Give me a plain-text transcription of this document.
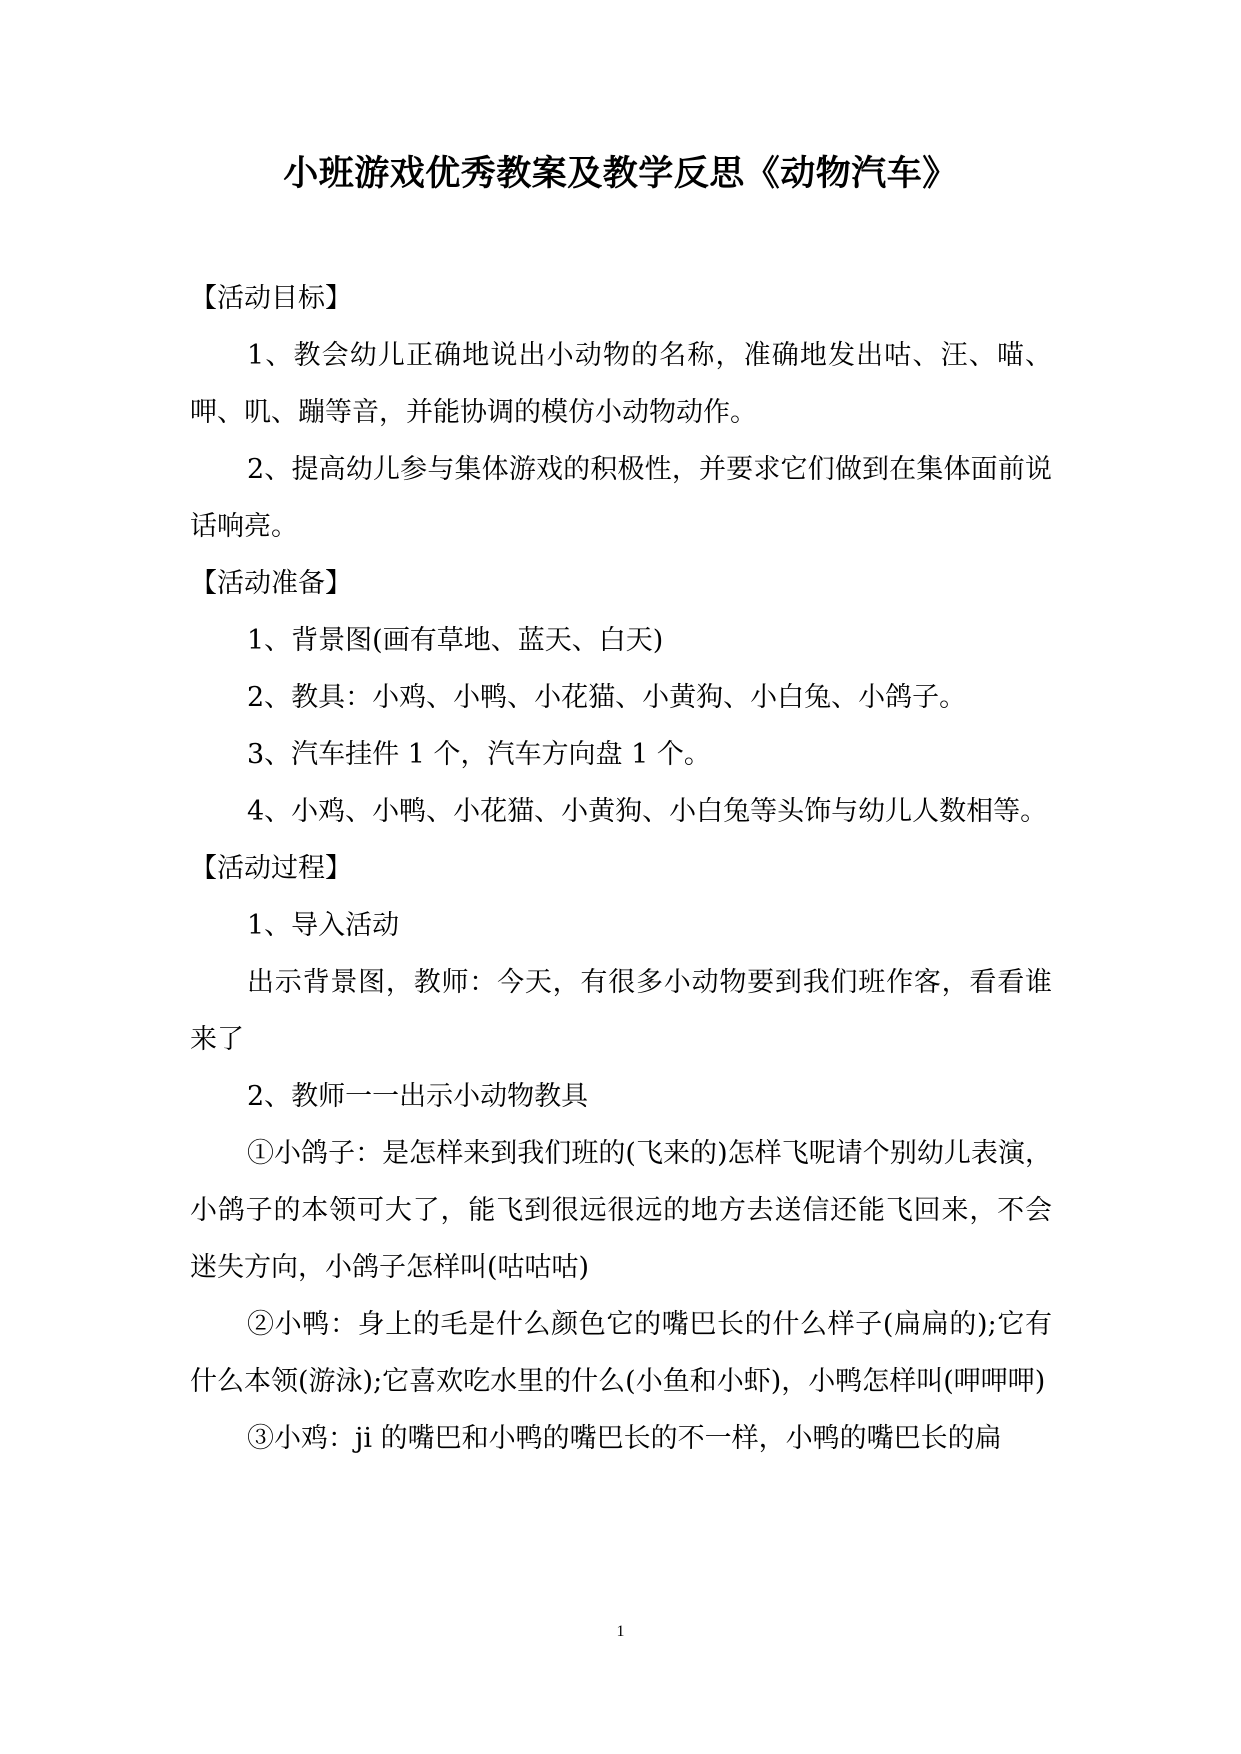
小班游戏优秀教案及教学反思《动物汽车》
【活动目标】

1、教会幼儿正确地说出小动物的名称，准确地发出咕、汪、喵、呷、叽、蹦等音，并能协调的模仿小动物动作。

2、提高幼儿参与集体游戏的积极性，并要求它们做到在集体面前说话响亮。

【活动准备】

1、背景图(画有草地、蓝天、白天)

2、教具：小鸡、小鸭、小花猫、小黄狗、小白兔、小鸽子。

3、汽车挂件 1 个，汽车方向盘 1 个。

4、小鸡、小鸭、小花猫、小黄狗、小白兔等头饰与幼儿人数相等。

【活动过程】

1、导入活动

出示背景图，教师：今天，有很多小动物要到我们班作客，看看谁来了

2、教师一一出示小动物教具

①小鸽子：是怎样来到我们班的(飞来的)怎样飞呢请个别幼儿表演，小鸽子的本领可大了，能飞到很远很远的地方去送信还能飞回来，不会迷失方向，小鸽子怎样叫(咕咕咕)

②小鸭：身上的毛是什么颜色它的嘴巴长的什么样子(扁扁的);它有什么本领(游泳);它喜欢吃水里的什么(小鱼和小虾)，小鸭怎样叫(呷呷呷)

③小鸡：ji 的嘴巴和小鸭的嘴巴长的不一样，小鸭的嘴巴长的扁

1
